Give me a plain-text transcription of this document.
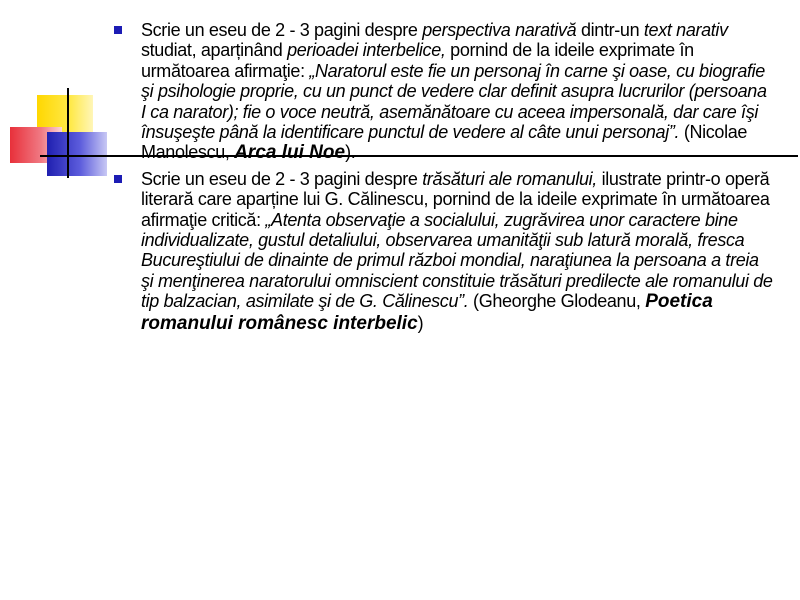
Scrie un eseu de 2 - 3 pagini despre perspectiva narativă dintr-un text narativ studiat, aparținând perioadei interbelice, pornind de la ideile exprimate în următoarea afirmaţie: „Naratorul este fie un personaj în carne şi oase, cu biografie şi psihologie proprie, cu un punct de vedere clar definit asupra lucrurilor (persoana I ca narator); fie o voce neutră, asemănătoare cu aceea impersonală, dar care îşi însuşeşte până la identificare punctul de vedere al câte unui personaj”. (Nicolae Manolescu, Arca lui Noe).
Scrie un eseu de 2 - 3 pagini despre trăsături ale romanului, ilustrate printr-o operă literară care aparține lui G. Călinescu, pornind de la ideile exprimate în următoarea afirmaţie critică: „Atenta observaţie a socialului, zugrăvirea unor caractere bine individualizate, gustul detaliului, observarea umanităţii sub latură morală, fresca Bucureştiului de dinainte de primul război mondial, naraţiunea la persoana a treia şi menţinerea naratorului omniscient constituie trăsături predilecte ale romanului de tip balzacian, asimilate şi de G. Călinescu”. (Gheorghe Glodeanu, Poetica romanului românesc interbelic)
